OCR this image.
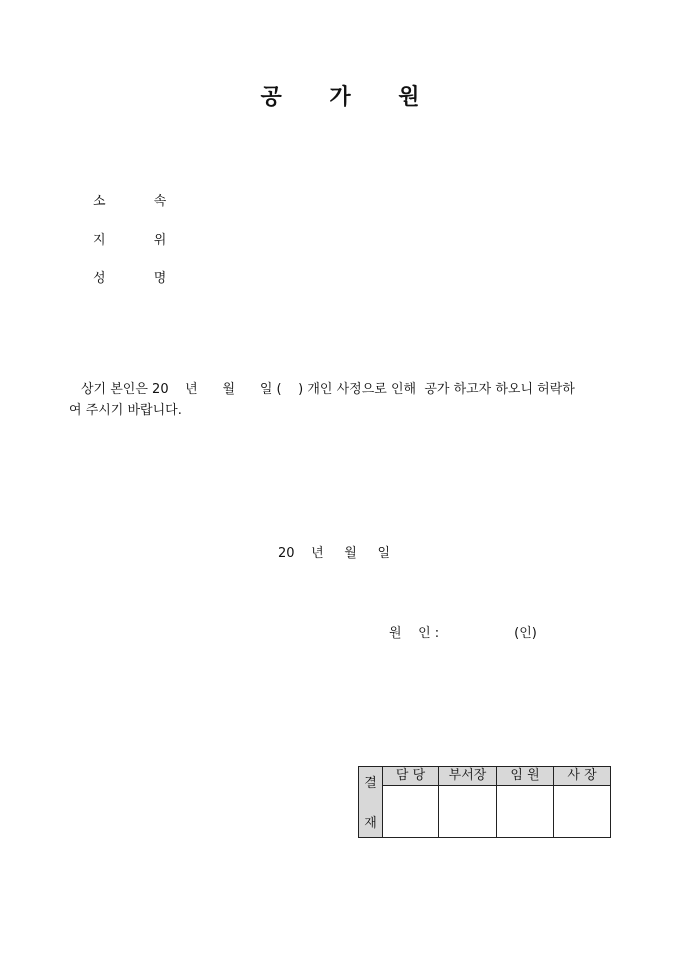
공 가 원
소 속
지 위
성 명
상기 본인은 20    년      월      일 (    ) 개인 사정으로 인해  공가 하고자 하오니 허락하
여 주시기 바랍니다.
20    년     월     일
원    인 :	(인)
결
재	담 당	부서장	임 원	사 장
